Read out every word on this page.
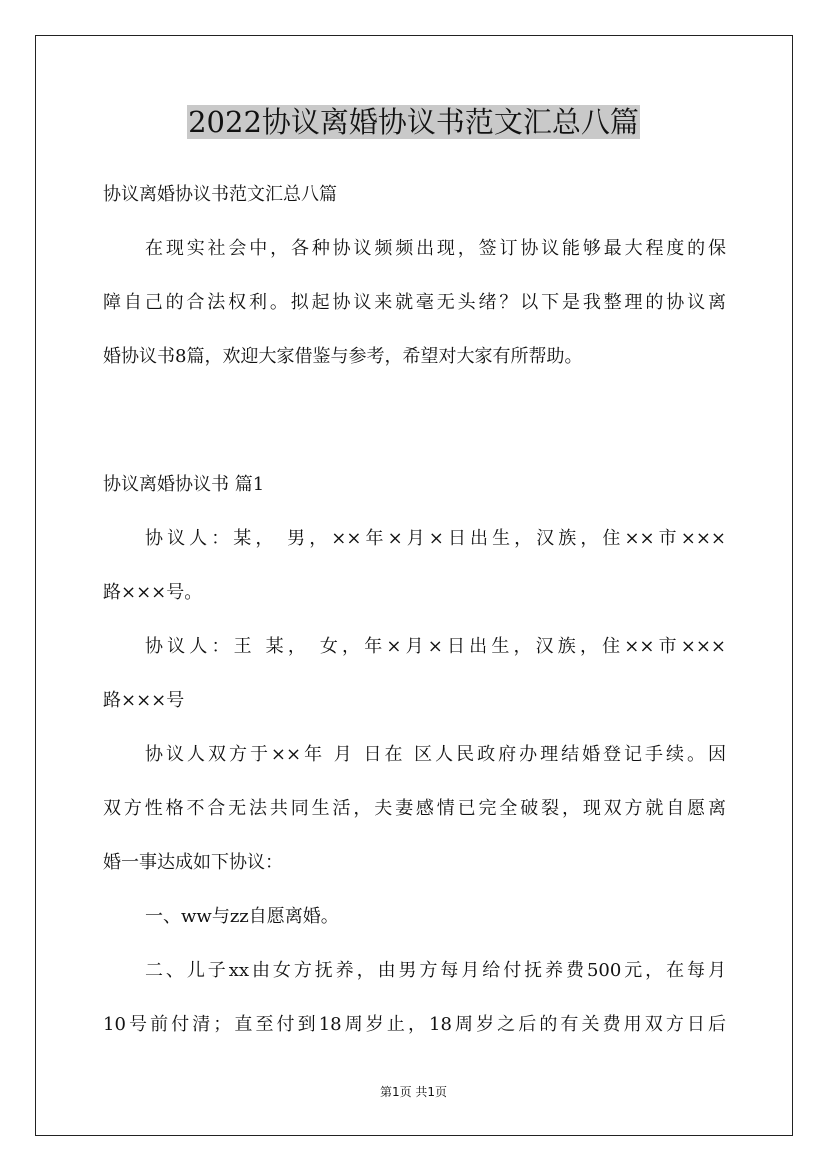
2022协议离婚协议书范文汇总八篇
协议离婚协议书范文汇总八篇
在现实社会中，各种协议频频出现，签订协议能够最大程度的保
障自己的合法权利。拟起协议来就毫无头绪？以下是我整理的协议离
婚协议书8篇，欢迎大家借鉴与参考，希望对大家有所帮助。
协议离婚协议书 篇1
协议人：某， 男，××年×月×日出生，汉族，住××市×××
路×××号。
协议人：王 某， 女，年×月×日出生，汉族，住××市×××
路×××号
协议人双方于××年 月 日在 区人民政府办理结婚登记手续。因
双方性格不合无法共同生活，夫妻感情已完全破裂，现双方就自愿离
婚一事达成如下协议：
一、ww与zz自愿离婚。
二、儿子xx由女方抚养，由男方每月给付抚养费500元，在每月
10号前付清；直至付到18周岁止，18周岁之后的有关费用双方日后
第1页 共1页
